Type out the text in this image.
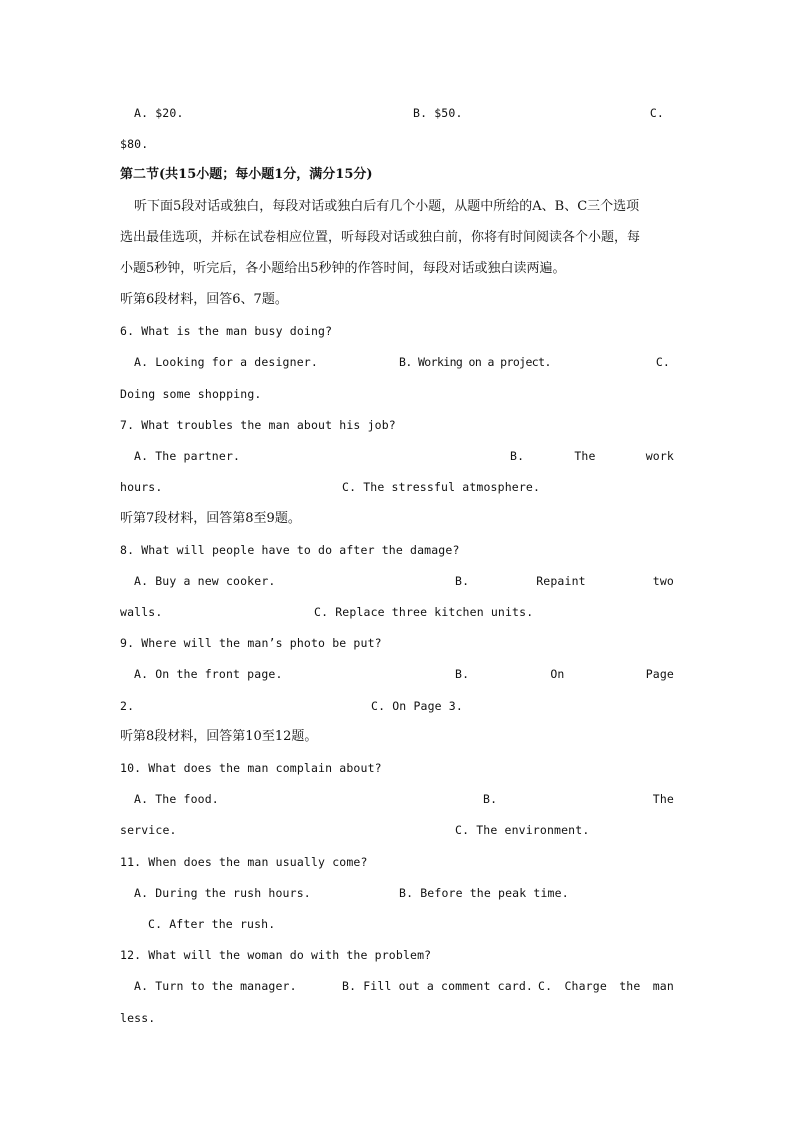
A. $20.	B. $50.	C.
$80.
第二节(共15小题；每小题1分，满分15分)
听下面5段对话或独白，每段对话或独白后有几个小题，从题中所给的A、B、C三个选项
选出最佳选项，并标在试卷相应位置，听每段对话或独白前，你将有时间阅读各个小题，每
小题5秒钟，听完后，各小题给出5秒钟的作答时间，每段对话或独白读两遍。
听第6段材料，回答6、7题。
6. What is the man busy doing?
A. Looking for a designer.	B. Working on a project.	C.
Doing some shopping.
7. What troubles the man about his job?
A. The partner.	B.	The	work
hours.	C. The stressful atmosphere.
听第7段材料，回答第8至9题。
8. What will people have to do after the damage?
A. Buy a new cooker.	B.	Repaint	two
walls.	C. Replace three kitchen units.
9. Where will the man’s photo be put?
A. On the front page.	B.	On	Page
2.	C. On Page 3.
听第8段材料，回答第10至12题。
10. What does the man complain about?
A. The food.	B.	The
service.	C. The environment.
11. When does the man usually come?
A. During the rush hours.	B. Before the peak time.
C. After the rush.
12. What will the woman do with the problem?
A. Turn to the manager.	B. Fill out a comment card. C. Charge the man
less.
